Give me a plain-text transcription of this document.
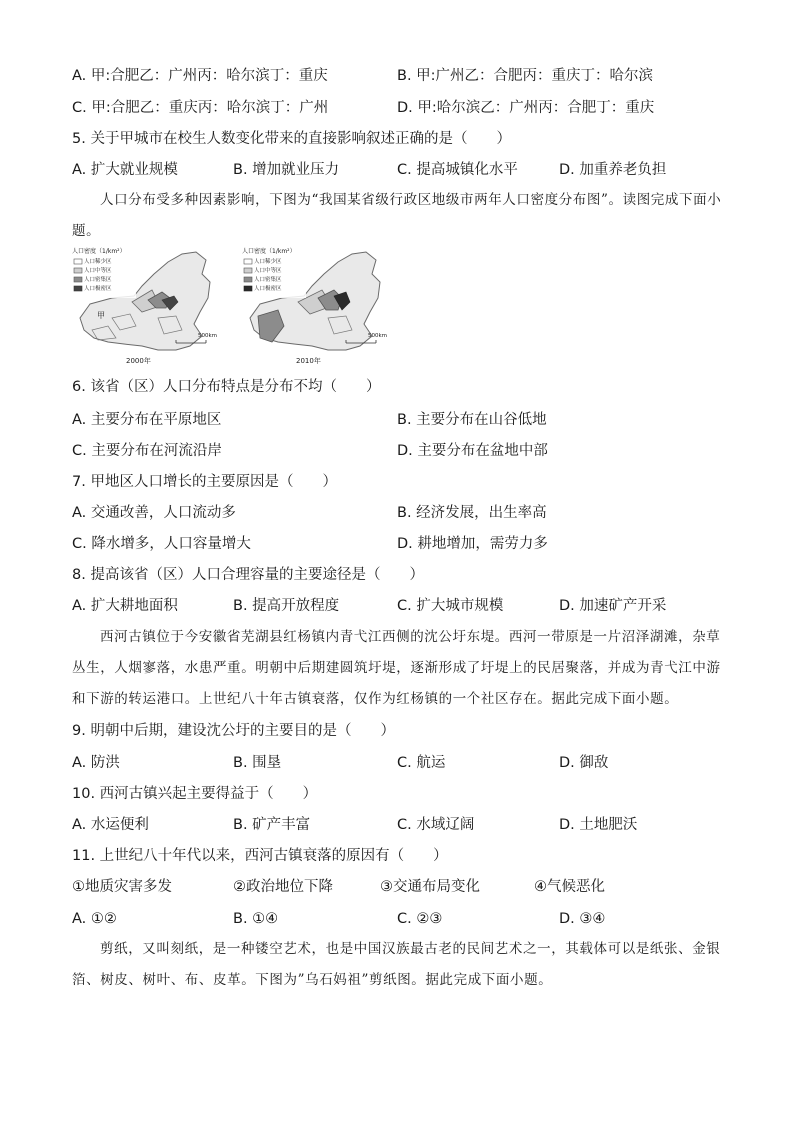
A. 甲:合肥乙：广州丙：哈尔滨丁：重庆	B. 甲:广州乙：合肥丙：重庆丁：哈尔滨
C. 甲:合肥乙：重庆丙：哈尔滨丁：广州	D. 甲:哈尔滨乙：广州丙：合肥丁：重庆
5. 关于甲城市在校生人数变化带来的直接影响叙述正确的是（　　）
A. 扩大就业规模	B. 增加就业压力	C. 提高城镇化水平	D. 加重养老负担
人口分布受多种因素影响，下图为“我国某省级行政区地级市两年人口密度分布图”。读图完成下面小题。
人口密度（1/km²）
人口稀少区
人口中等区
人口密集区
人口极密区
甲
500km
2000年
人口密度（1/km²）
人口稀少区
人口中等区
人口密集区
人口极密区
500km
2010年
6. 该省（区）人口分布特点是分布不均（　　）
A. 主要分布在平原地区	B. 主要分布在山谷低地
C. 主要分布在河流沿岸	D. 主要分布在盆地中部
7. 甲地区人口增长的主要原因是（　　）
A. 交通改善，人口流动多	B. 经济发展，出生率高
C. 降水增多，人口容量增大	D. 耕地增加，需劳力多
8. 提高该省（区）人口合理容量的主要途径是（　　）
A. 扩大耕地面积	B. 提高开放程度	C. 扩大城市规模	D. 加速矿产开采
西河古镇位于今安徽省芜湖县红杨镇内青弋江西侧的沈公圩东堤。西河一带原是一片沼泽湖滩，杂草丛生，人烟寥落，水患严重。明朝中后期建圆筑圩堤，逐渐形成了圩堤上的民居聚落，并成为青弋江中游和下游的转运港口。上世纪八十年古镇衰落，仅作为红杨镇的一个社区存在。据此完成下面小题。
9. 明朝中后期，建设沈公圩的主要目的是（　　）
A. 防洪	B. 围垦	C. 航运	D. 御敌
10. 西河古镇兴起主要得益于（　　）
A. 水运便利	B. 矿产丰富	C. 水域辽阔	D. 土地肥沃
11. 上世纪八十年代以来，西河古镇衰落的原因有（　　）
①地质灾害多发	②政治地位下降	③交通布局变化	④气候恶化
A. ①②	B. ①④	C. ②③	D. ③④
剪纸，又叫刻纸，是一种镂空艺术，也是中国汉族最古老的民间艺术之一，其载体可以是纸张、金银箔、树皮、树叶、布、皮革。下图为”乌石妈祖”剪纸图。据此完成下面小题。
